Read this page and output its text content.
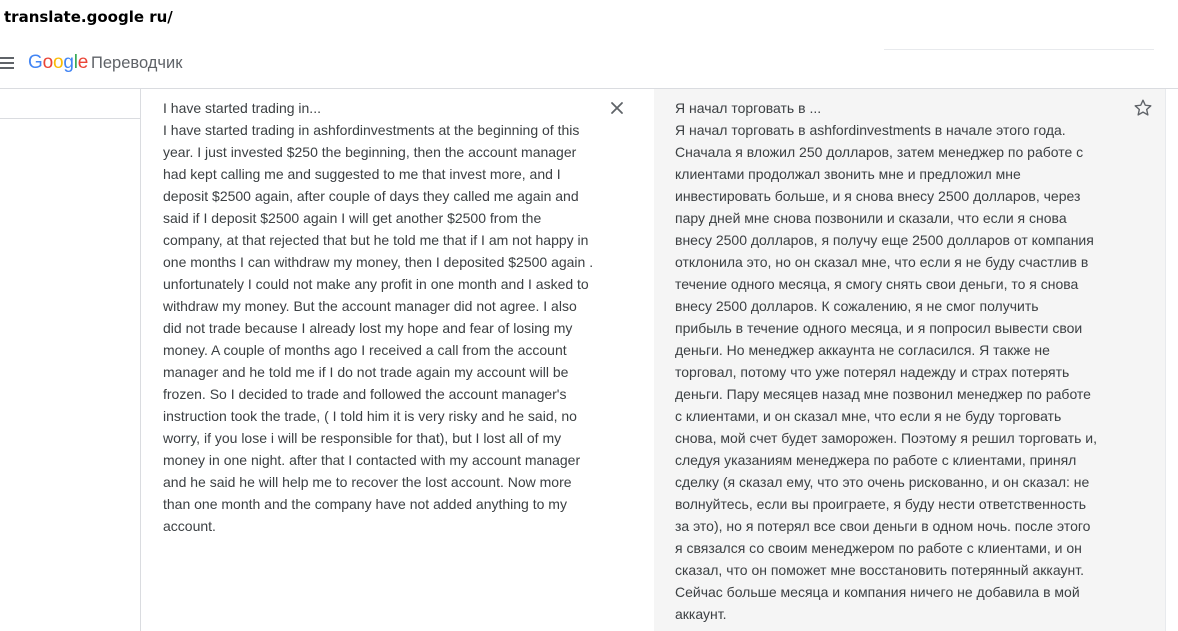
translate.google ru/
Google Переводчик
I have started trading in...
I have started trading in ashfordinvestments at the beginning of this
year. I just invested $250 the beginning, then the account manager
had kept calling me and suggested to me that invest more, and I
deposit $2500 again, after couple of days they called me again and
said if I deposit $2500 again I will get another $2500 from the
company, at that rejected that but he told me that if I am not happy in
one months I can withdraw my money, then I deposited $2500 again .
unfortunately I could not make any profit in one month and I asked to
withdraw my money. But the account manager did not agree. I also
did not trade because I already lost my hope and fear of losing my
money. A couple of months ago I received a call from the account
manager and he told me if I do not trade again my account will be
frozen. So I decided to trade and followed the account manager's
instruction took the trade, ( I told him it is very risky and he said, no
worry, if you lose i will be responsible for that), but I lost all of my
money in one night. after that I contacted with my account manager
and he said he will help me to recover the lost account. Now more
than one month and the company have not added anything to my
account.
Я начал торговать в ...
Я начал торговать в ashfordinvestments в начале этого года.
Сначала я вложил 250 долларов, затем менеджер по работе с
клиентами продолжал звонить мне и предложил мне
инвестировать больше, и я снова внесу 2500 долларов, через
пару дней мне снова позвонили и сказали, что если я снова
внесу 2500 долларов, я получу еще 2500 долларов от компания
отклонила это, но он сказал мне, что если я не буду счастлив в
течение одного месяца, я смогу снять свои деньги, то я снова
внесу 2500 долларов. К сожалению, я не смог получить
прибыль в течение одного месяца, и я попросил вывести свои
деньги. Но менеджер аккаунта не согласился. Я также не
торговал, потому что уже потерял надежду и страх потерять
деньги. Пару месяцев назад мне позвонил менеджер по работе
с клиентами, и он сказал мне, что если я не буду торговать
снова, мой счет будет заморожен. Поэтому я решил торговать и,
следуя указаниям менеджера по работе с клиентами, принял
сделку (я сказал ему, что это очень рискованно, и он сказал: не
волнуйтесь, если вы проиграете, я буду нести ответственность
за это), но я потерял все свои деньги в одном ночь. после этого
я связался со своим менеджером по работе с клиентами, и он
сказал, что он поможет мне восстановить потерянный аккаунт.
Сейчас больше месяца и компания ничего не добавила в мой
аккаунт.
